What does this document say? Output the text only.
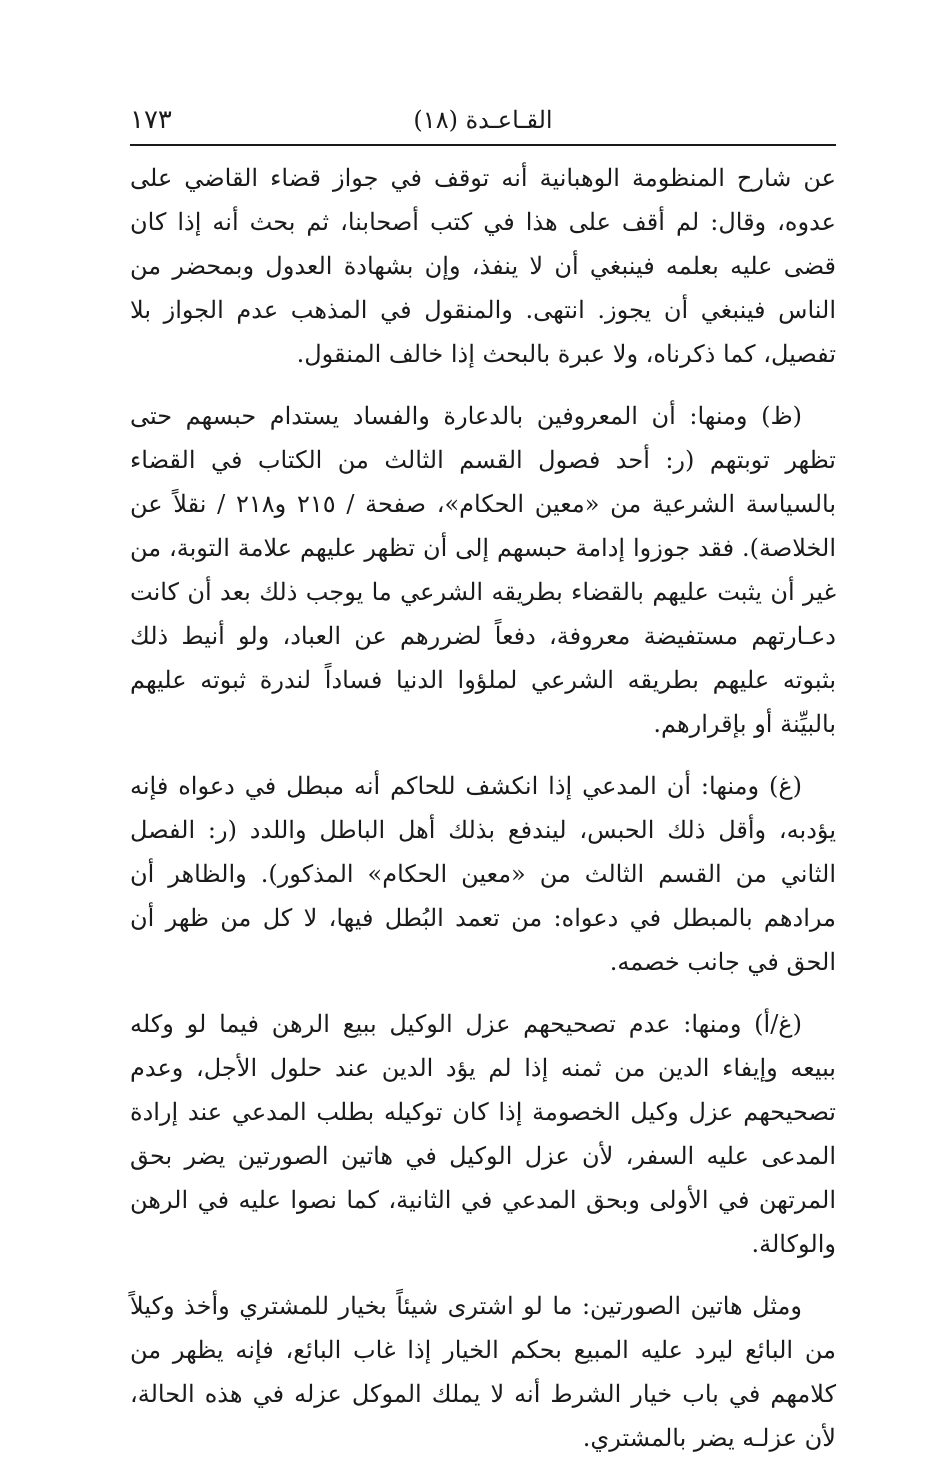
القـاعـدة (١٨)
١٧٣

عن شارح المنظومة الوهبانية أنه توقف في جواز قضاء القاضي على عدوه، وقال: لم أقف على هذا في كتب أصحابنا، ثم بحث أنه إذا كان قضى عليه بعلمه فينبغي أن لا ينفذ، وإن بشهادة العدول وبمحضر من الناس فينبغي أن يجوز. انتهى. والمنقول في المذهب عدم الجواز بلا تفصيل، كما ذكرناه، ولا عبرة بالبحث إذا خالف المنقول.

(ظ) ومنها: أن المعروفين بالدعارة والفساد يستدام حبسهم حتى تظهر توبتهم (ر: أحد فصول القسم الثالث من الكتاب في القضاء بالسياسة الشرعية من «معين الحكام»، صفحة / ٢١٥ و٢١٨ / نقلاً عن الخلاصة). فقد جوزوا إدامة حبسهم إلى أن تظهر عليهم علامة التوبة، من غير أن يثبت عليهم بالقضاء بطريقه الشرعي ما يوجب ذلك بعد أن كانت دعـارتهم مستفيضة معروفة، دفعاً لضررهم عن العباد، ولو أنيط ذلك بثبوته عليهم بطريقه الشرعي لملؤوا الدنيا فساداً لندرة ثبوته عليهم بالبيِّنة أو بإقرارهم.

(غ) ومنها: أن المدعي إذا انكشف للحاكم أنه مبطل في دعواه فإنه يؤدبه، وأقل ذلك الحبس، ليندفع بذلك أهل الباطل واللدد (ر: الفصل الثاني من القسم الثالث من «معين الحكام» المذكور). والظاهر أن مرادهم بالمبطل في دعواه: من تعمد البُطل فيها، لا كل من ظهر أن الحق في جانب خصمه.

(غ/أ) ومنها: عدم تصحيحهم عزل الوكيل ببيع الرهن فيما لو وكله ببيعه وإيفاء الدين من ثمنه إذا لم يؤد الدين عند حلول الأجل، وعدم تصحيحهم عزل وكيل الخصومة إذا كان توكيله بطلب المدعي عند إرادة المدعى عليه السفر، لأن عزل الوكيل في هاتين الصورتين يضر بحق المرتهن في الأولى وبحق المدعي في الثانية، كما نصوا عليه في الرهن والوكالة.

ومثل هاتين الصورتين: ما لو اشترى شيئاً بخيار للمشتري وأخذ وكيلاً من البائع ليرد عليه المبيع بحكم الخيار إذا غاب البائع، فإنه يظهر من كلامهم في باب خيار الشرط أنه لا يملك الموكل عزله في هذه الحالة، لأن عزلـه يضر بالمشتري.
